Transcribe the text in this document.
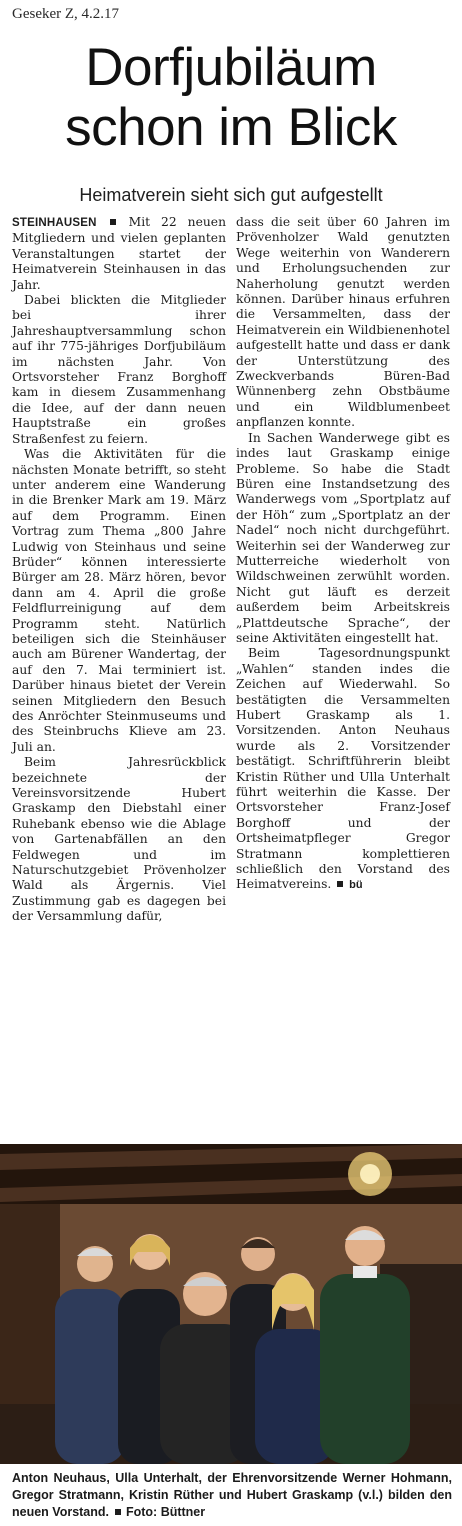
Geseker Z, 4.2.17
Dorfjubiläum
schon im Blick
Heimatverein sieht sich gut aufgestellt

STEINHAUSEN	Mit 22 neuen Mitgliedern und vielen geplanten Veranstaltungen startet der Heimatverein Steinhausen in das Jahr.

Dabei blickten die Mitglieder bei ihrer Jahreshauptversammlung schon auf ihr 775-jähriges Dorfjubiläum im nächsten Jahr. Von Ortsvorsteher Franz Borghoff kam in diesem Zusammenhang die Idee, auf der dann neuen Hauptstraße ein großes Straßenfest zu feiern.

Was die Aktivitäten für die nächsten Monate betrifft, so steht unter anderem eine Wanderung in die Brenker Mark am 19. März auf dem Programm. Einen Vortrag zum Thema „800 Jahre Ludwig von Steinhaus und seine Brüder“ können interessierte Bürger am 28. März hören, bevor dann am 4. April die große Feldflurreinigung auf dem Programm steht. Natürlich beteiligen sich die Steinhäuser auch am Bürener Wandertag, der auf den 7. Mai terminiert ist. Darüber hinaus bietet der Verein seinen Mitgliedern den Besuch des Anröchter Steinmuseums und des Steinbruchs Klieve am 23. Juli an.

Beim Jahresrückblick bezeichnete der Vereinsvorsitzende Hubert Graskamp den Diebstahl einer Ruhebank ebenso wie die Ablage von Gartenabfällen an den Feldwegen und im Naturschutzgebiet Prövenholzer Wald als Ärgernis. Viel Zustimmung gab es dagegen bei der Versammlung dafür,

dass die seit über 60 Jahren im Prövenholzer Wald genutzten Wege weiterhin von Wanderern und Erholungsuchenden zur Naherholung genutzt werden können. Darüber hinaus erfuhren die Versammelten, dass der Heimatverein ein Wildbienenhotel aufgestellt hatte und dass er dank der Unterstützung des Zweckverbands Büren-Bad Wünnenberg zehn Obstbäume und ein Wildblumenbeet anpflanzen konnte.

In Sachen Wanderwege gibt es indes laut Graskamp einige Probleme. So habe die Stadt Büren eine Instandsetzung des Wanderwegs vom „Sportplatz auf der Höh“ zum „Sportplatz an der Nadel“ noch nicht durchgeführt. Weiterhin sei der Wanderweg zur Mutterreiche wiederholt von Wildschweinen zerwühlt worden. Nicht gut läuft es derzeit außerdem beim Arbeitskreis „Plattdeutsche Sprache“, der seine Aktivitäten eingestellt hat.

Beim Tagesordnungspunkt „Wahlen“ standen indes die Zeichen auf Wiederwahl. So bestätigten die Versammelten Hubert Graskamp als 1. Vorsitzenden. Anton Neuhaus wurde als 2. Vorsitzender bestätigt. Schriftführerin bleibt Kristin Rüther und Ulla Unterhalt führt weiterhin die Kasse. Der Ortsvorsteher Franz-Josef Borghoff und der Ortsheimatpfleger Gregor Stratmann komplettieren schließlich den Vorstand des Heimatvereins. bü

Anton Neuhaus, Ulla Unterhalt, der Ehrenvorsitzende Werner Hohmann, Gregor Stratmann, Kristin Rüther und Hubert Graskamp (v.l.) bilden den neuen Vorstand. Foto: Büttner
